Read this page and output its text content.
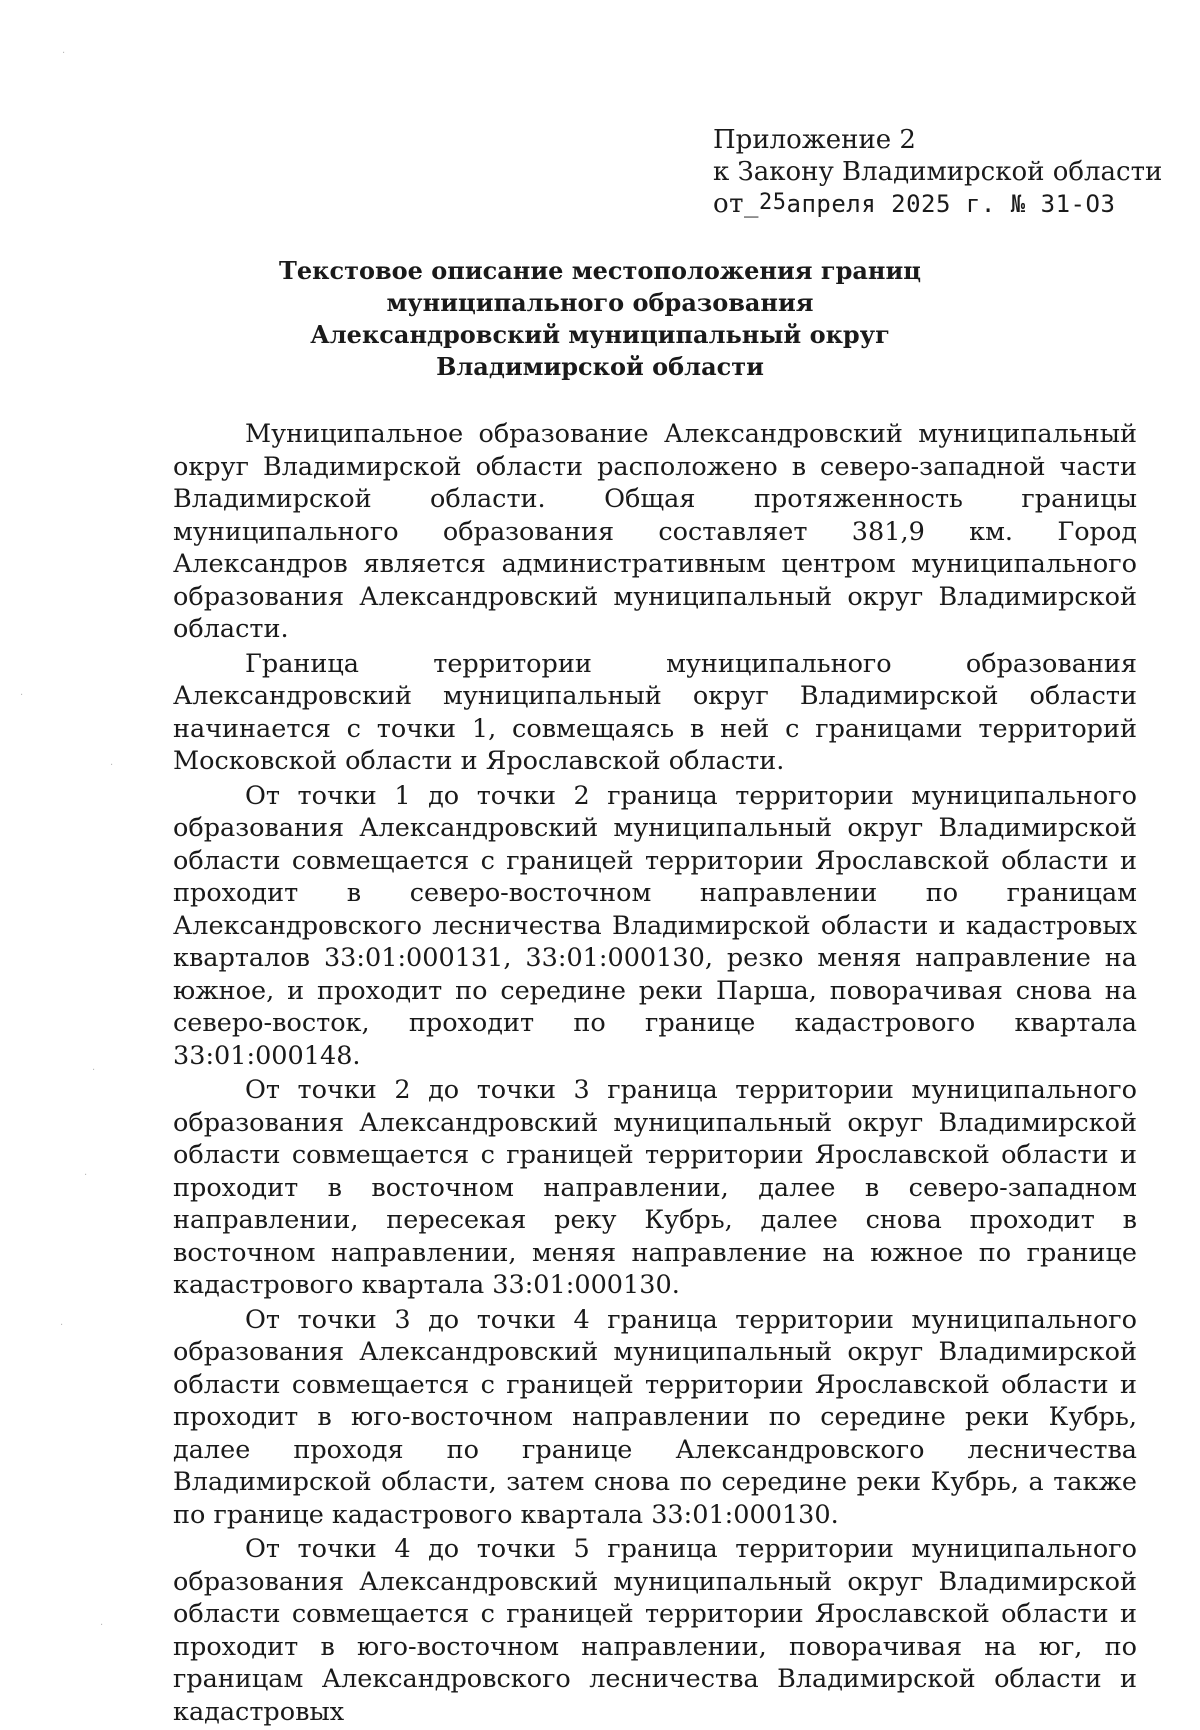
·
·
·
·
·
·
·
Приложение 2
к Закону Владимирской области
от_25апреля 2025 г. № 31-ОЗ
Текстовое описание местоположения границ
муниципального образования
Александровский муниципальный округ
Владимирской области

Муниципальное образование Александровский муниципальный округ Владимирской области расположено в северо-западной части Владимирской области. Общая протяженность границы муниципального образования составляет 381,9 км. Город Александров является административным центром муниципального образования Александровский муниципальный округ Владимирской области.

Граница территории муниципального образования Александровский муниципальный округ Владимирской области начинается с точки 1, совмещаясь в ней с границами территорий Московской области и Ярославской области.

От точки 1 до точки 2 граница территории муниципального образования Александровский муниципальный округ Владимирской области совмещается с границей территории Ярославской области и проходит в северо-восточном направлении по границам Александровского лесничества Владимирской области и кадастровых кварталов 33:01:000131, 33:01:000130, резко меняя направление на южное, и проходит по середине реки Парша, поворачивая снова на северо-восток, проходит по границе кадастрового квартала 33:01:000148.

От точки 2 до точки 3 граница территории муниципального образования Александровский муниципальный округ Владимирской области совмещается с границей территории Ярославской области и проходит в восточном направлении, далее в северо-западном направлении, пересекая реку Кубрь, далее снова проходит в восточном направлении, меняя направление на южное по границе кадастрового квартала 33:01:000130.

От точки 3 до точки 4 граница территории муниципального образования Александровский муниципальный округ Владимирской области совмещается с границей территории Ярославской области и проходит в юго-восточном направлении по середине реки Кубрь, далее проходя по границе Александровского лесничества Владимирской области, затем снова по середине реки Кубрь, а также по границе кадастрового квартала 33:01:000130.

От точки 4 до точки 5 граница территории муниципального образования Александровский муниципальный округ Владимирской области совмещается с границей территории Ярославской области и проходит в юго-восточном направлении, поворачивая на юг, по границам Александровского лесничества Владимирской области и кадастровых
